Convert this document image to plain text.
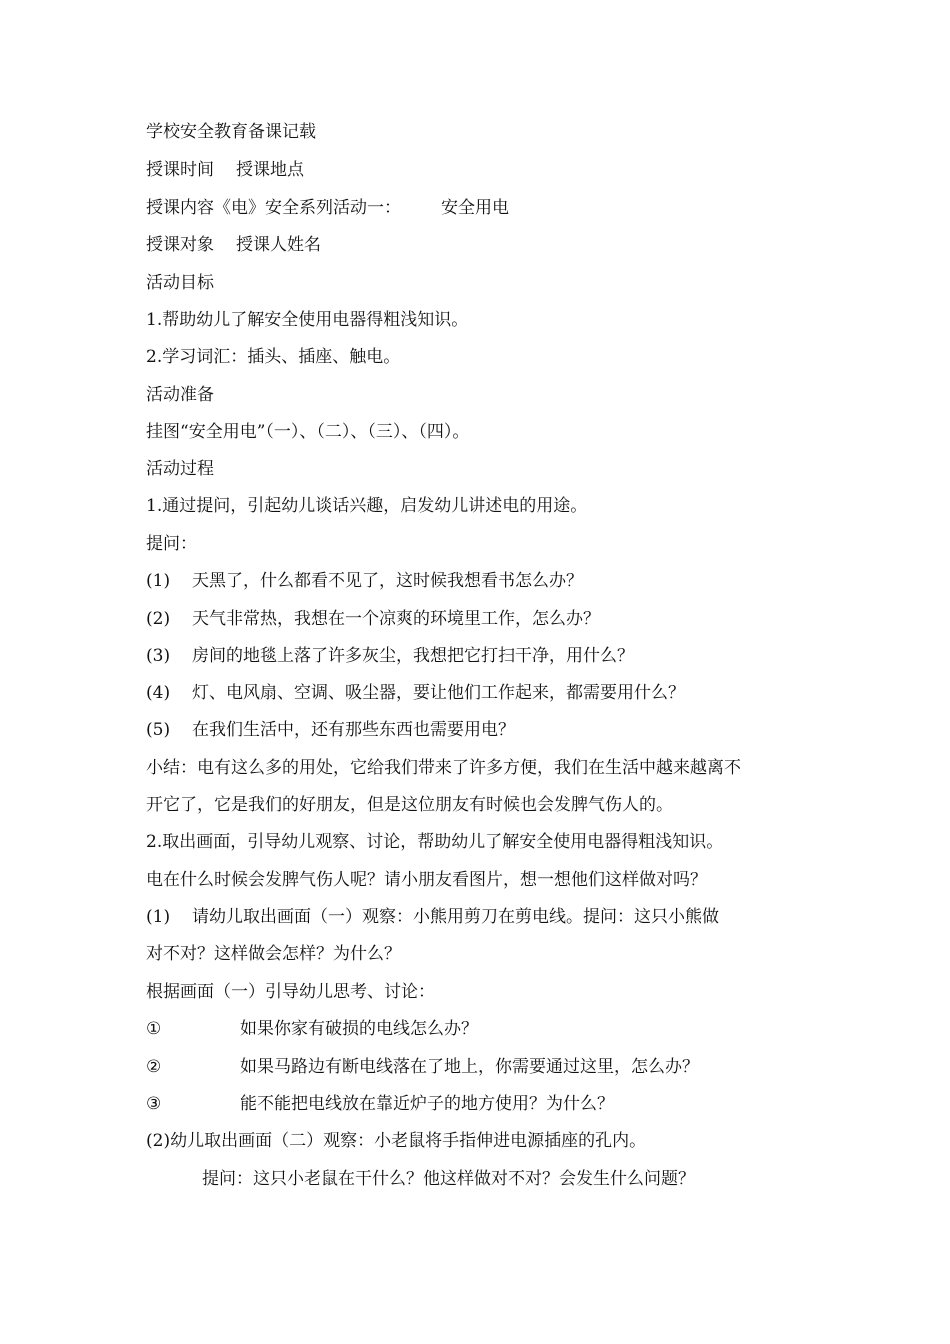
学校安全教育备课记载
授课时间 授课地点
授课内容《电》安全系列活动一： 安全用电
授课对象 授课人姓名
活动目标
1.帮助幼儿了解安全使用电器得粗浅知识。
2.学习词汇：插头、插座、触电。
活动准备
挂图“安全用电”（一）、（二）、（三）、（四）。
活动过程
1.通过提问，引起幼儿谈话兴趣，启发幼儿讲述电的用途。
提问：
(1) 天黑了，什么都看不见了，这时候我想看书怎么办？
(2) 天气非常热，我想在一个凉爽的环境里工作，怎么办？
(3) 房间的地毯上落了许多灰尘，我想把它打扫干净，用什么？
(4) 灯、电风扇、空调、吸尘器，要让他们工作起来，都需要用什么？
(5) 在我们生活中，还有那些东西也需要用电？
小结：电有这么多的用处，它给我们带来了许多方便，我们在生活中越来越离不
开它了，它是我们的好朋友，但是这位朋友有时候也会发脾气伤人的。
2.取出画面，引导幼儿观察、讨论，帮助幼儿了解安全使用电器得粗浅知识。
电在什么时候会发脾气伤人呢？请小朋友看图片，想一想他们这样做对吗？
(1) 请幼儿取出画面（一）观察：小熊用剪刀在剪电线。提问：这只小熊做
对不对？这样做会怎样？为什么？
根据画面（一）引导幼儿思考、讨论：
①	如果你家有破损的电线怎么办？
②	如果马路边有断电线落在了地上，你需要通过这里，怎么办？
③	能不能把电线放在靠近炉子的地方使用？为什么？
(2)幼儿取出画面（二）观察：小老鼠将手指伸进电源插座的孔内。
提问：这只小老鼠在干什么？他这样做对不对？会发生什么问题？
